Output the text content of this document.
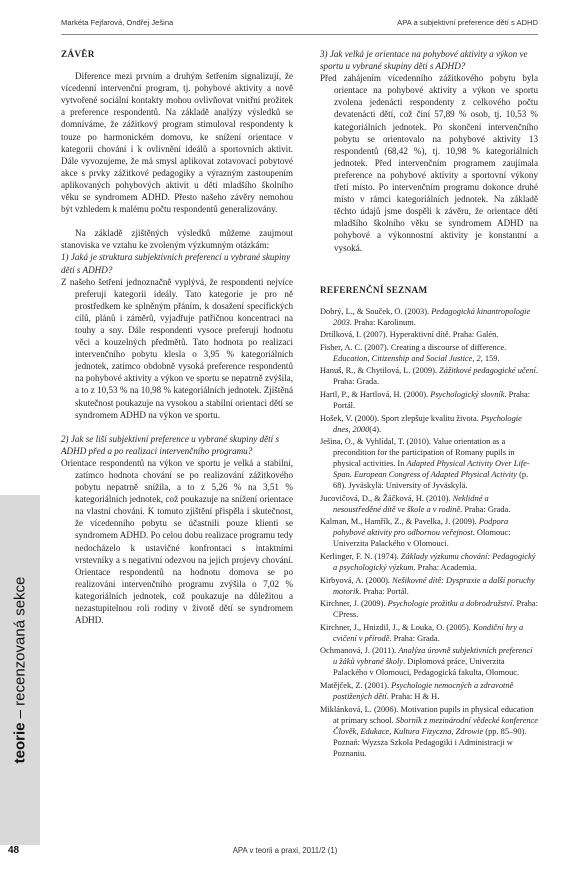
Markéta Fejfarová, Ondřej Ješina	APA a subjektivní preference dětí s ADHD

ZÁVĚR

Diference mezi prvním a druhým šetřením signalizují, že vícedenní intervenční program, tj. pohybové aktivity a nově vytvořené sociální kontakty mohou ovlivňovat vnitřní prožitek a preference respondentů. Na základě analýzy výsledků se domníváme, že zážitkový program stimuloval respondenty k touze po harmonickém domovu, ke snížení orientace v kategorii chování i k ovlivnění ideálů a sportovních aktivit. Dále vyvozujeme, že má smysl aplikovat zotavovací pobytové akce s prvky zážitkové pedagogiky a výrazným zastoupením aplikovaných pohybových aktivit u dětí mladšího školního věku se syndromem ADHD. Přesto našeho závěry nemohou být vzhledem k malému počtu respondentů generalizovány.

Na základě zjištěných výsledků můžeme zaujmout stanoviska ve vztahu ke zvoleným výzkumným otázkám:

1) Jaká je struktura subjektivních preferencí u vybrané skupiny dětí s ADHD?

Z našeho šetření jednoznačně vyplývá, že respondenti nejvíce preferují kategorii ideály. Tato kategorie je pro ně prostředkem ke splněným přáním, k dosažení specifických cílů, plánů i záměrů, vyjadřuje patřičnou koncentraci na touhy a sny. Dále respondenti vysoce preferují hodnotu věci a kouzelných předmětů. Tato hodnota po realizaci intervenčního pobytu klesla o 3,95 % kategoriálních jednotek, zatímco obdobně vysoká preference respondentů na pohybové aktivity a výkon ve sportu se nepatrně zvýšila, a to z 10,53 % na 10,98 % kategoriálních jednotek. Zjištěná skutečnost poukazuje na vysokou a stabilní orientaci dětí se syndromem ADHD na výkon ve sportu.

2) Jak se liší subjektivní preference u vybrané skupiny dětí s ADHD před a po realizaci intervenčního programu?

Orientace respondentů na výkon ve sportu je velká a stabilní, zatímco hodnota chování se po realizování zážitkového pobytu nepatrně snížila, a to z 5,26 % na 3,51 % kategoriálních jednotek, což poukazuje na snížení orientace na vlastní chování. K tomuto zjištění přispěla i skutečnost, že vícedenního pobytu se účastnili pouze klienti se syndromem ADHD. Po celou dobu realizace programu tedy nedocházelo k ustavičné konfrontaci s intaktními vrstevníky a s negativní odezvou na jejich projevy chování. Orientace respondentů na hodnotu domova se po realizování intervenčního programu zvýšila o 7,02 % kategoriálních jednotek, což poukazuje na důležitou a nezastupitelnou roli rodiny v životě dětí se syndromem ADHD.

3) Jak velká je orientace na pohybové aktivity a výkon ve sportu u vybrané skupiny dětí s ADHD?

Před zahájením vícedenního zážitkového pobytu byla orientace na pohybové aktivity a výkon ve sportu zvolena jedenácti respondenty z celkového počtu devatenácti dětí, což činí 57,89 % osob, tj. 10,53 % kategoriálních jednotek. Po skončení intervenčního pobytu se orientovalo na pohybové aktivity 13 respondentů (68,42 %), tj. 10,98 % kategoriálních jednotek. Před intervenčním programem zaujímala preference na pohybové aktivity a sportovní výkony třetí místo. Po intervenčním programu dokonce druhé místo v rámci kategoriálních jednotek. Na základě těchto údajů jsme dospěli k závěru, že orientace dětí mladšího školního věku se syndromem ADHD na pohybové a výkonnostní aktivity je konstantní a vysoká.

REFERENČNÍ SEZNAM

Dobrý, L., & Souček, O. (2003). Pedagogická kinantropologie 2003. Praha: Karolinum.

Drtílková, I. (2007). Hyperaktivní dítě. Praha: Galén.

Fisher, A. C. (2007). Creating a discourse of difference. Education, Citizenship and Social Justice, 2, 159.

Hanuš, R., & Chytilová, L. (2009). Zážitkové pedagogické učení. Praha: Grada.

Hartl, P., & Hartlová, H. (2000). Psychologický slovník. Praha: Portál.

Hošek, V. (2000). Sport zlepšuje kvalitu života. Psychologie dnes, 2000(4).

Ješina, O., & Vyhlídal, T. (2010). Value orientation as a precondition for the participation of Romany pupils in physical activities. In Adapted Physical Activity Over Life-Span. European Congress of Adapted Physical Activity (p. 68). Jyväskylä: University of Jyväskylä.

Jucovičová, D., & Žáčková, H. (2010). Neklidné a nesoustředěné dítě ve škole a v rodině. Praha: Grada.

Kalman, M., Hamřík, Z., & Pavelka, J. (2009). Podpora pohybové aktivity pro odbornou veřejnost. Olomouc: Univerzita Palackého v Olomouci.

Kerlinger, F. N. (1974). Základy výzkumu chování: Pedagogický a psychologický výzkum. Praha: Academia.

Kirbyová, A. (2000). Nešikovné dítě: Dyspraxie a další poruchy motorik. Praha: Portál.

Kirchner, J. (2009). Psychologie prožitku a dobrodružství. Praha: CPress.

Kirchner, J., Hnizdil, J., & Louka, O. (2005). Kondiční hry a cvičení v přírodě. Praha: Grada.

Ochmanová, J. (2011). Analýza úrovně subjektivních preferencí u žáků vybrané školy. Diplomová práce, Univerzita Palackého v Olomouci, Pedagogická fakulta, Olomouc.

Matějček, Z. (2001). Psychologie nemocných a zdravotně postižených dětí. Praha: H & H.

Miklánková, L. (2006). Motivation pupils in physical education at primary school. Sborník z mezinárodní vědecké konference Člověk, Edukace, Kultura Fizyczna, Zdrowie (pp. 85–90). Poznań: Wyzsza Szkola Pedagogiki i Administracji w Poznaniu.

teorie – recenzovaná sekce
48	APA v teorii a praxi, 2011/2 (1)
